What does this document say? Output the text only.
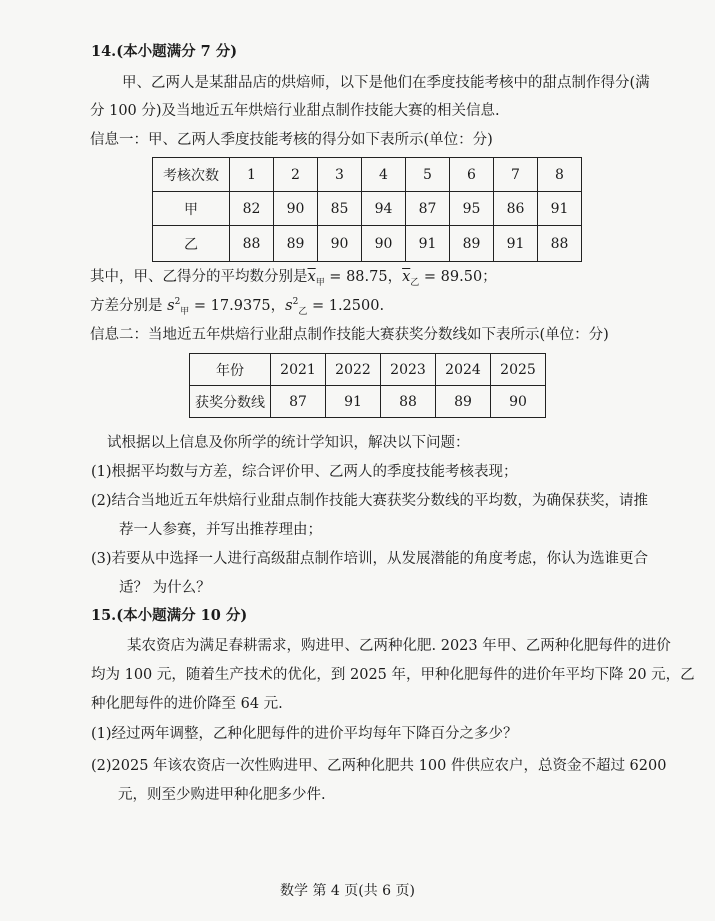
14.(本小题满分 7 分)
甲、乙两人是某甜品店的烘焙师，以下是他们在季度技能考核中的甜点制作得分(满
分 100 分)及当地近五年烘焙行业甜点制作技能大赛的相关信息.
信息一：甲、乙两人季度技能考核的得分如下表所示(单位：分)
考核次数	1	2	3	4	5	6	7	8
甲	82	90	85	94	87	95	86	91
乙	88	89	90	90	91	89	91	88
其中，甲、乙得分的平均数分别是$\overline{x}_甲 = 88.75$，$\overline{x}_乙 = 89.50$；
方差分别是 $s^2_甲 = 17.9375$，$s^2_乙 = 1.2500$.
信息二：当地近五年烘焙行业甜点制作技能大赛获奖分数线如下表所示(单位：分)
年份	2021	2022	2023	2024	2025
获奖分数线	87	91	88	89	90
试根据以上信息及你所学的统计学知识，解决以下问题：
(1)根据平均数与方差，综合评价甲、乙两人的季度技能考核表现；
(2)结合当地近五年烘焙行业甜点制作技能大赛获奖分数线的平均数，为确保获奖，请推
荐一人参赛，并写出推荐理由；
(3)若要从中选择一人进行高级甜点制作培训，从发展潜能的角度考虑，你认为选谁更合
适？ 为什么？
15.(本小题满分 10 分)
某农资店为满足春耕需求，购进甲、乙两种化肥. 2023 年甲、乙两种化肥每件的进价
均为 100 元，随着生产技术的优化，到 2025 年，甲种化肥每件的进价年平均下降 20 元，乙
种化肥每件的进价降至 64 元.
(1)经过两年调整，乙种化肥每件的进价平均每年下降百分之多少？
(2)2025 年该农资店一次性购进甲、乙两种化肥共 100 件供应农户，总资金不超过 6200
元，则至少购进甲种化肥多少件.
数学 第 4 页(共 6 页)
